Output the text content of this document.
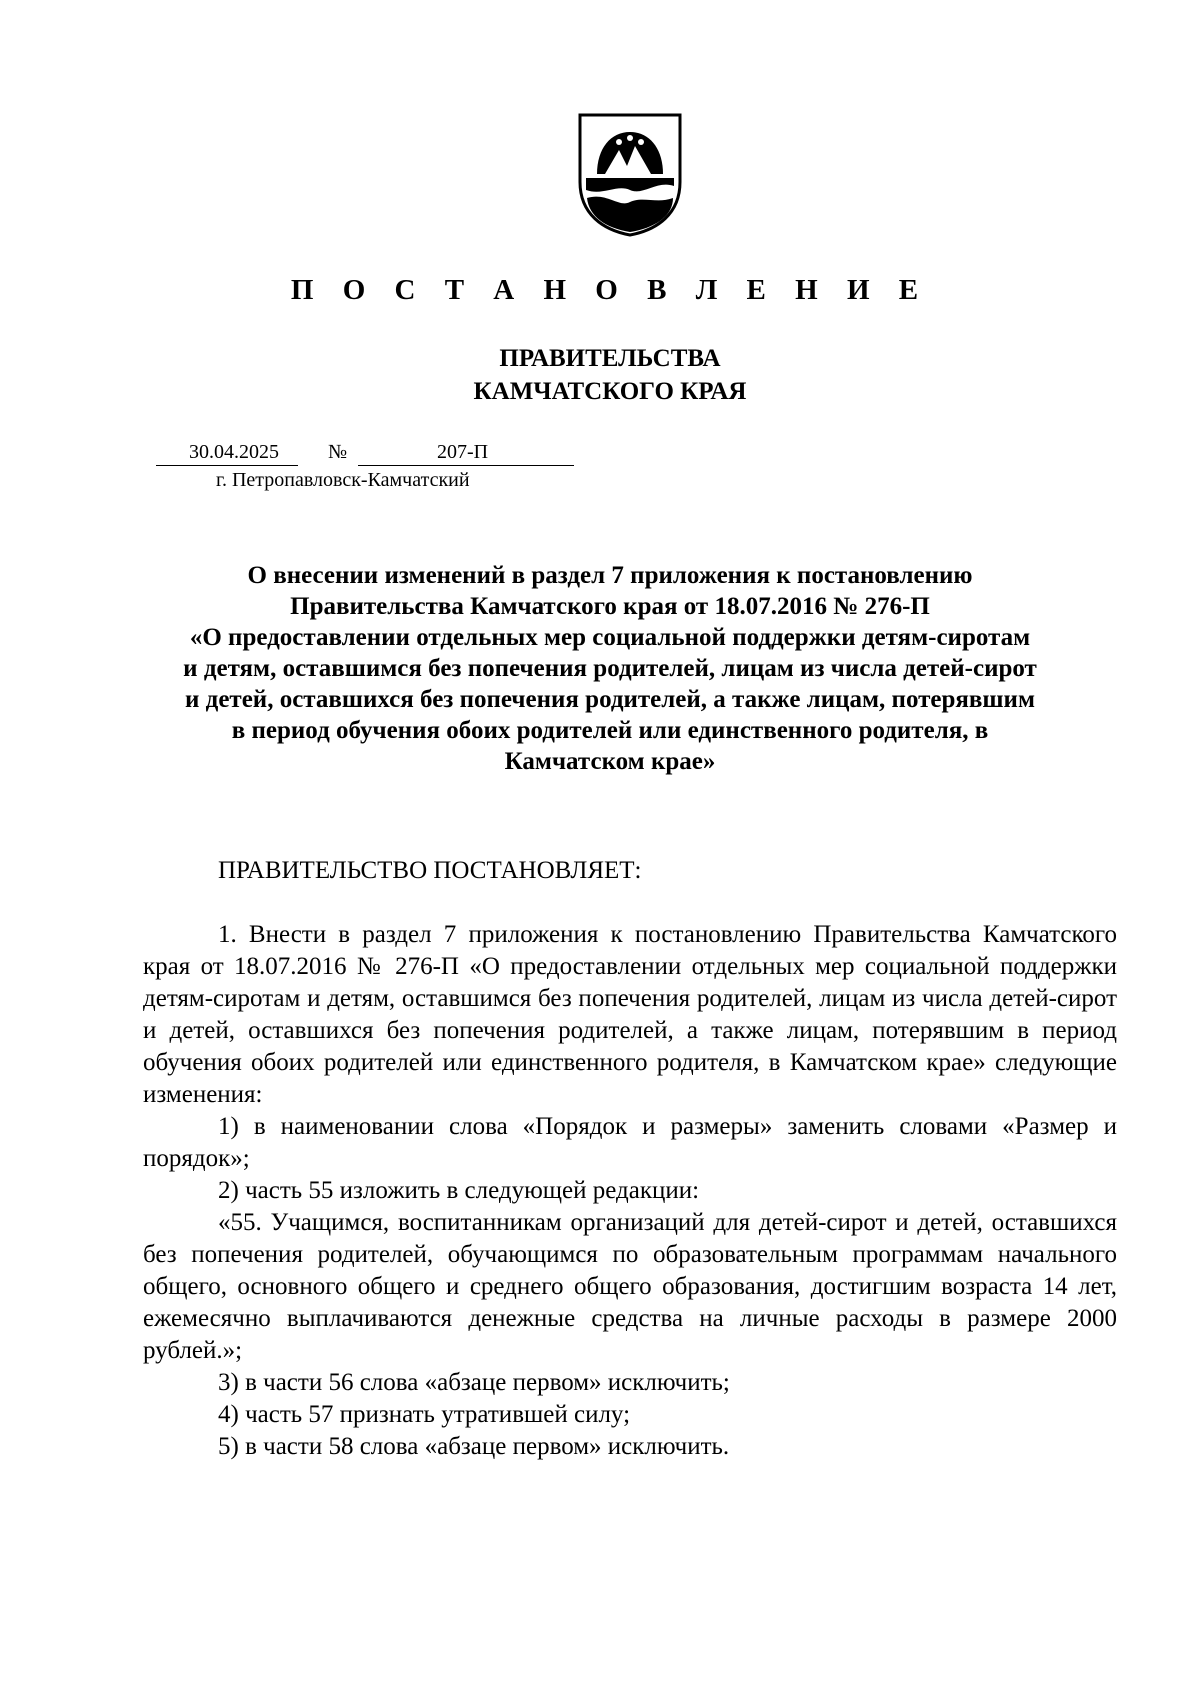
П О С Т А Н О В Л Е Н И Е
ПРАВИТЕЛЬСТВА
КАМЧАТСКОГО КРАЯ
30.04.2025 №	207-П
г. Петропавловск-Камчатский
О внесении изменений в раздел 7 приложения к постановлению
Правительства Камчатского края от 18.07.2016 № 276-П
«О предоставлении отдельных мер социальной поддержки детям-сиротам
и детям, оставшимся без попечения родителей, лицам из числа детей-сирот
и детей, оставшихся без попечения родителей, а также лицам, потерявшим
в период обучения обоих родителей или единственного родителя, в
Камчатском крае»
ПРАВИТЕЛЬСТВО ПОСТАНОВЛЯЕТ:

1. Внести в раздел 7 приложения к постановлению Правительства Камчатского края от 18.07.2016 № 276-П «О предоставлении отдельных мер социальной поддержки детям-сиротам и детям, оставшимся без попечения родителей, лицам из числа детей-сирот и детей, оставшихся без попечения родителей, а также лицам, потерявшим в период обучения обоих родителей или единственного родителя, в Камчатском крае» следующие изменения:

1) в наименовании слова «Порядок и размеры» заменить словами «Размер и порядок»;

2) часть 55 изложить в следующей редакции:

«55. Учащимся, воспитанникам организаций для детей-сирот и детей, оставшихся без попечения родителей, обучающимся по образовательным программам начального общего, основного общего и среднего общего образования, достигшим возраста 14 лет, ежемесячно выплачиваются денежные средства на личные расходы в размере 2000 рублей.»;

3) в части 56 слова «абзаце первом» исключить;

4) часть 57 признать утратившей силу;

5) в части 58 слова «абзаце первом» исключить.
